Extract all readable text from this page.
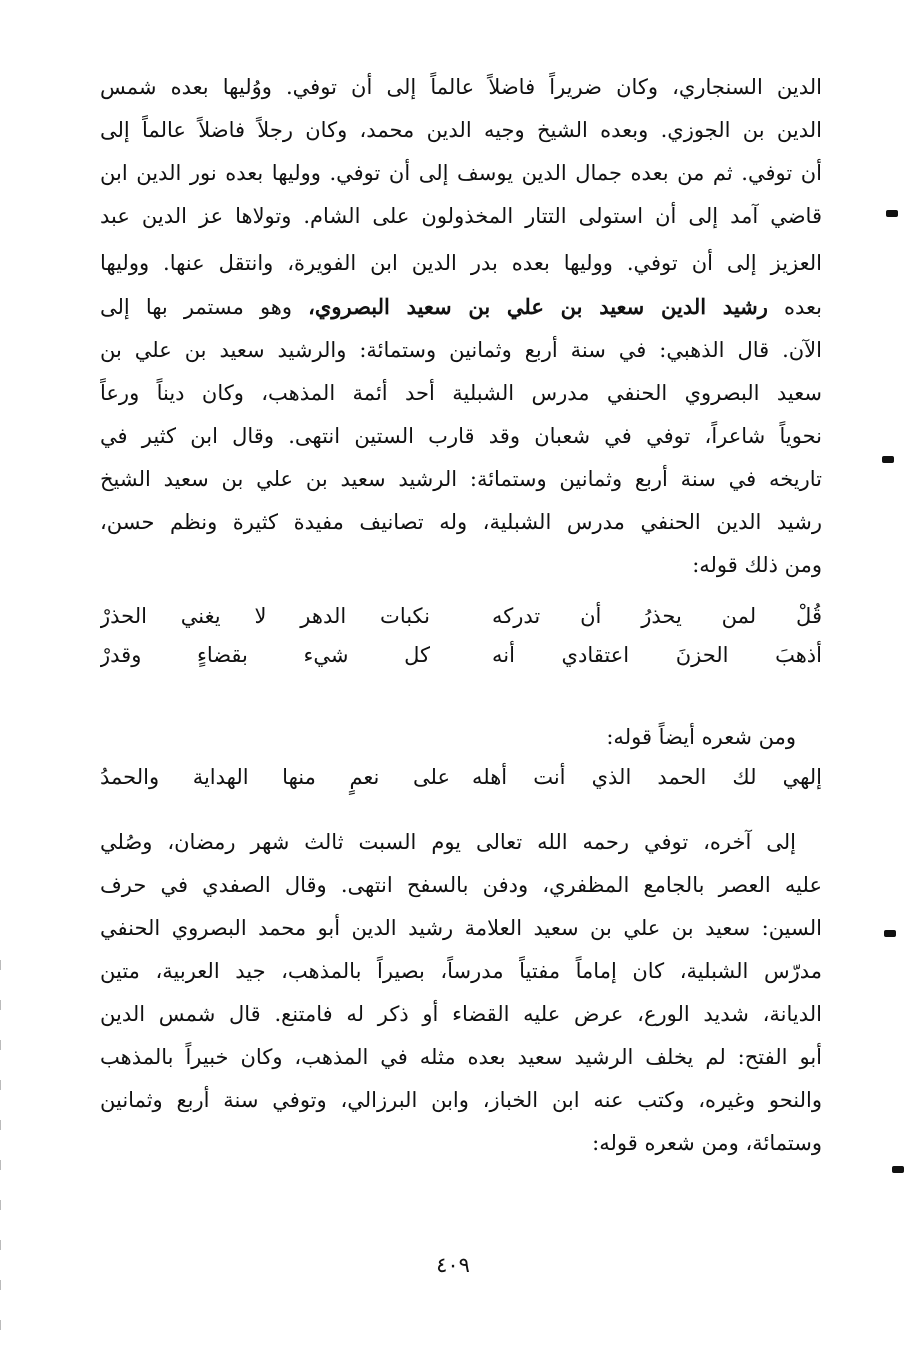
الدين السنجاري، وكان ضريراً فاضلاً عالماً إلى أن توفي. ووُليها بعده شمس
الدين بن الجوزي. وبعده الشيخ وجيه الدين محمد، وكان رجلاً فاضلاً عالماً إلى
أن توفي. ثم من بعده جمال الدين يوسف إلى أن توفي. ووليها بعده نور الدين ابن
قاضي آمد إلى أن استولى التتار المخذولون على الشام. وتولاها عز الدين عبد
العزيز إلى أن توفي. ووليها بعده بدر الدين ابن الفويرة، وانتقل عنها. ووليها
بعده رشيد الدين سعيد بن علي بن سعيد البصروي، وهو مستمر بها إلى
الآن. قال الذهبي: في سنة أربع وثمانين وستمائة: والرشيد سعيد بن علي بن
سعيد البصروي الحنفي مدرس الشبلية أحد أئمة المذهب، وكان ديناً ورعاً
نحوياً شاعراً، توفي في شعبان وقد قارب الستين انتهى. وقال ابن كثير في
تاريخه في سنة أربع وثمانين وستمائة: الرشيد سعيد بن علي بن سعيد الشيخ
رشيد الدين الحنفي مدرس الشبلية، وله تصانيف مفيدة كثيرة ونظم حسن،
ومن ذلك قوله:
قُلْ لمن يحذرُ أن تدركه
نكبات الدهر لا يغني الحذرْ
أذهبَ الحزنَ اعتقادي أنه
كل شيء بقضاءٍ وقدرْ
ومن شعره أيضاً قوله:
إلهي لك الحمد الذي أنت أهله
على نعمٍ منها الهداية والحمدُ
إلى آخره، توفي رحمه الله تعالى يوم السبت ثالث شهر رمضان، وصُلي
عليه العصر بالجامع المظفري، ودفن بالسفح انتهى. وقال الصفدي في حرف
السين: سعيد بن علي بن سعيد العلامة رشيد الدين أبو محمد البصروي الحنفي
مدرّس الشبلية، كان إماماً مفتياً مدرساً، بصيراً بالمذهب، جيد العربية، متين
الديانة، شديد الورع، عرض عليه القضاء أو ذكر له فامتنع. قال شمس الدين
أبو الفتح: لم يخلف الرشيد سعيد بعده مثله في المذهب، وكان خبيراً بالمذهب
والنحو وغيره، وكتب عنه ابن الخباز، وابن البرزالي، وتوفي سنة أربع وثمانين
وستمائة، ومن شعره قوله:
٤٠٩
